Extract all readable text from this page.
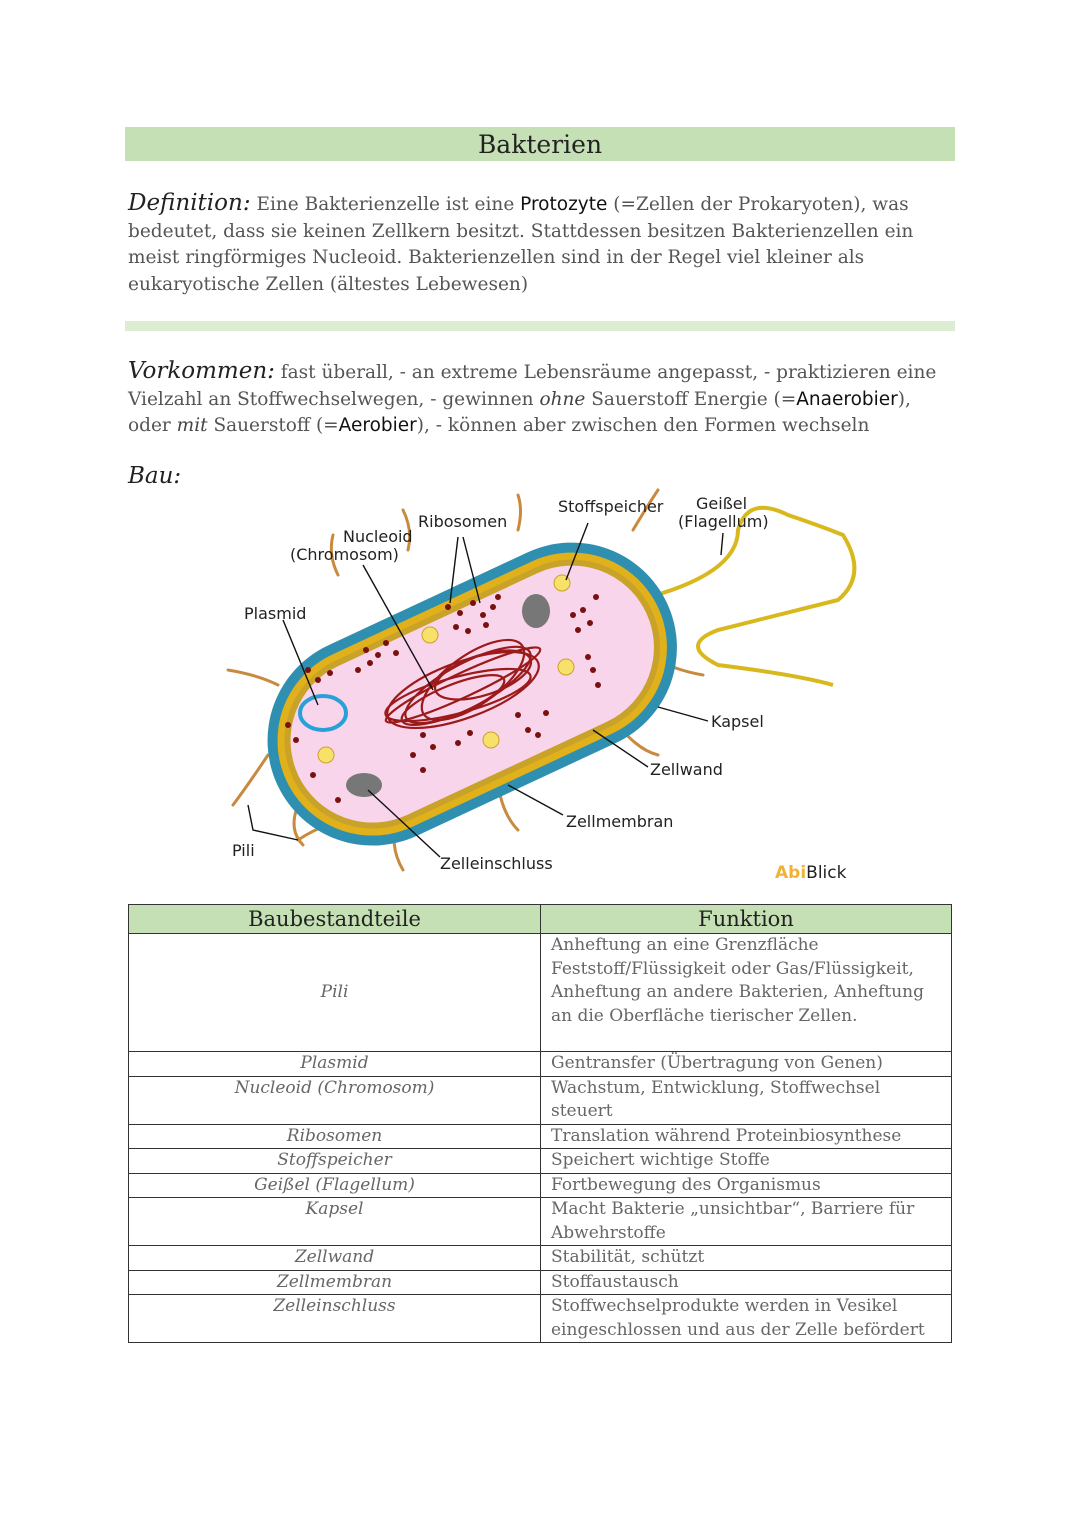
Bakterien
Definition: Eine Bakterienzelle ist eine Protozyte (=Zellen der Prokaryoten), was bedeutet, dass sie keinen Zellkern besitzt. Stattdessen besitzen Bakterienzellen ein meist ringförmiges Nucleoid. Bakterienzellen sind in der Regel viel kleiner als eukaryotische Zellen (ältestes Lebewesen)
Vorkommen: fast überall, - an extreme Lebensräume angepasst, - praktizieren eine Vielzahl an Stoffwechselwegen, - gewinnen ohne Sauerstoff Energie (=Anaerobier), oder mit Sauerstoff (=Aerobier), - können aber zwischen den Formen wechseln
Bau:
Nucleoid
(Chromosom)
Ribosomen
Stoffspeicher Geißel
(Flagellum)
Plasmid
Kapsel
Zellwand
Zellmembran
Pili
Zelleinschluss	AbiBlick
Baubestandteile	Funktion
Pili	Anheftung an eine Grenzfläche Feststoff/Flüssigkeit oder Gas/Flüssigkeit, Anheftung an andere Bakterien, Anheftung an die Oberfläche tierischer Zellen.
Plasmid	Gentransfer (Übertragung von Genen)
Nucleoid (Chromosom)	Wachstum, Entwicklung, Stoffwechsel steuert
Ribosomen	Translation während Proteinbiosynthese
Stoffspeicher	Speichert wichtige Stoffe
Geißel (Flagellum)	Fortbewegung des Organismus
Kapsel	Macht Bakterie „unsichtbar“, Barriere für Abwehrstoffe
Zellwand	Stabilität, schützt
Zellmembran	Stoffaustausch
Zelleinschluss	Stoffwechselprodukte werden in Vesikel eingeschlossen und aus der Zelle befördert
